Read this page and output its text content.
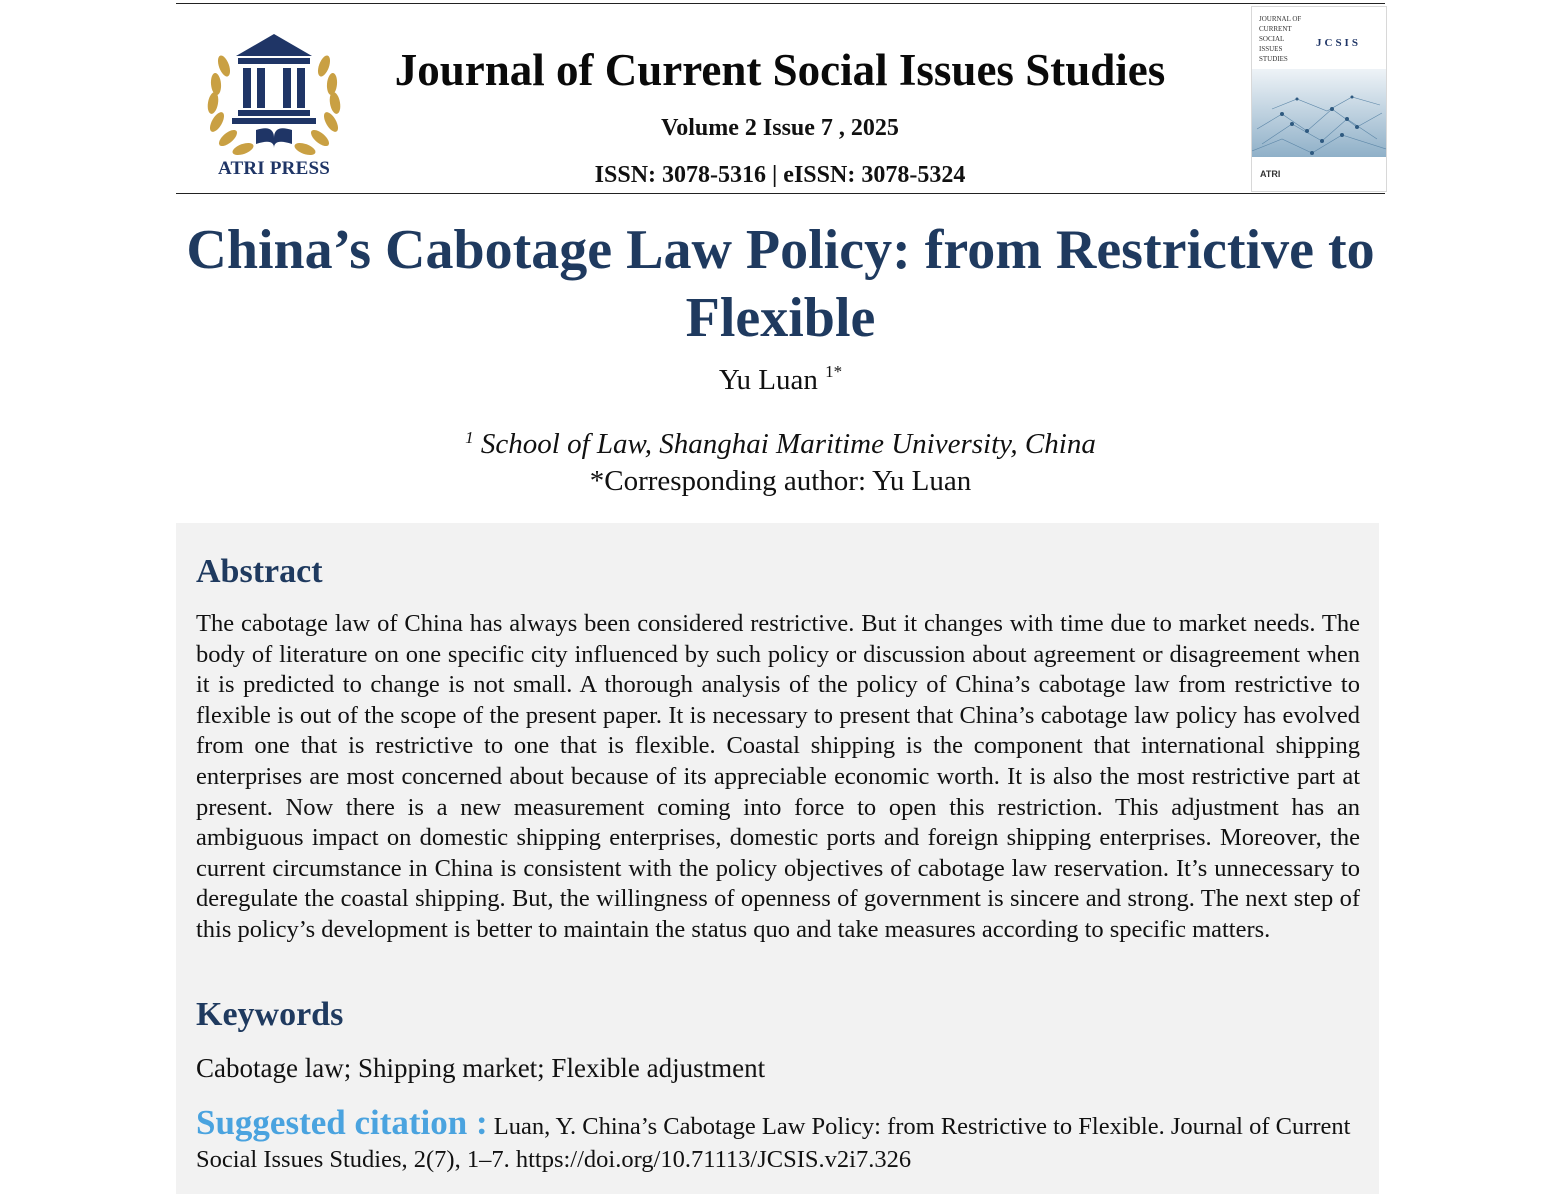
ATRI PRESS
Journal of Current Social Issues Studies
Volume 2 Issue 7 , 2025
ISSN: 3078-5316 | eISSN: 3078-5324
JOURNAL OF
CURRENT
SOCIAL
ISSUES
STUDIES
JCSIS
ATRI
China’s Cabotage Law Policy: from Restrictive to Flexible
Yu Luan $^{1*}$
$^1$ School of Law, Shanghai Maritime University, China
*Corresponding author: Yu Luan
Abstract
The cabotage law of China has always been considered restrictive. But it changes with time due to market needs. The body of literature on one specific city influenced by such policy or discussion about agreement or disagreement when it is predicted to change is not small. A thorough analysis of the policy of China’s cabotage law from restrictive to flexible is out of the scope of the present paper. It is necessary to present that China’s cabotage law policy has evolved from one that is restrictive to one that is flexible. Coastal shipping is the component that international shipping enterprises are most concerned about because of its appreciable economic worth. It is also the most restrictive part at present. Now there is a new measurement coming into force to open this restriction. This adjustment has an ambiguous impact on domestic shipping enterprises, domestic ports and foreign shipping enterprises. Moreover, the current circumstance in China is consistent with the policy objectives of cabotage law reservation. It’s unnecessary to deregulate the coastal shipping. But, the willingness of openness of government is sincere and strong. The next step of this policy’s development is better to maintain the status quo and take measures according to specific matters.
Keywords
Cabotage law; Shipping market; Flexible adjustment
Suggested citation : Luan, Y. China’s Cabotage Law Policy: from Restrictive to Flexible. Journal of Current Social Issues Studies, 2(7), 1–7. https://doi.org/10.71113/JCSIS.v2i7.326
